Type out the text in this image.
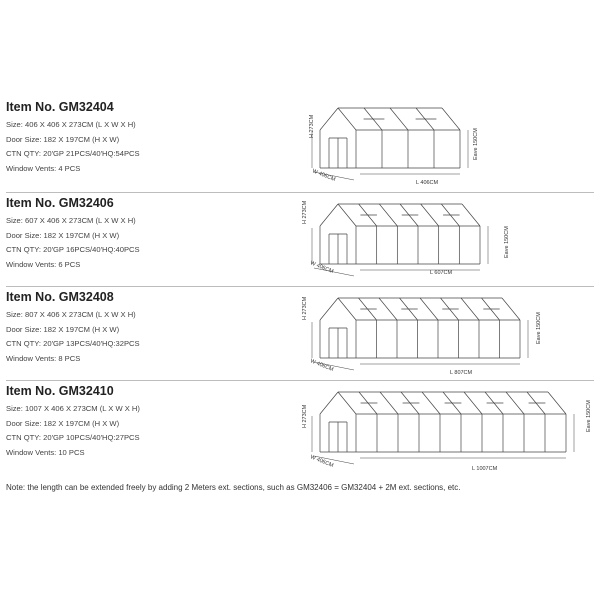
Item No. GM32404
Size: 406 X 406 X 273CM (L X W X H)
Door Size: 182 X 197CM (H X W)
CTN QTY: 20'GP 21PCS/40'HQ:54PCS
Window Vents: 4 PCS
H 273CM
W 406CM	L 406CM
Eave 150CM
Item No. GM32406
Size: 607 X 406 X 273CM (L X W X H)
Door Size: 182 X 197CM (H X W)
CTN QTY: 20'GP 16PCS/40'HQ:40PCS
Window Vents: 6 PCS
H 273CM
W 406CM	L 607CM
Eave 150CM
Item No. GM32408
Size: 807 X 406 X 273CM (L X W X H)
Door Size: 182 X 197CM (H X W)
CTN QTY: 20'GP 13PCS/40'HQ:32PCS
Window Vents: 8 PCS
H 273CM
W 406CM	L 807CM
Eave 150CM
Item No. GM32410
Size: 1007 X 406 X 273CM (L X W X H)
Door Size: 182 X 197CM (H X W)
CTN QTY: 20'GP 10PCS/40'HQ:27PCS
Window Vents: 10 PCS
H 273CM
W 406CM	L 1007CM
Eave 150CM
Note: the length can be extended freely by adding 2 Meters ext. sections, such as GM32406 = GM32404 + 2M ext. sections, etc.
